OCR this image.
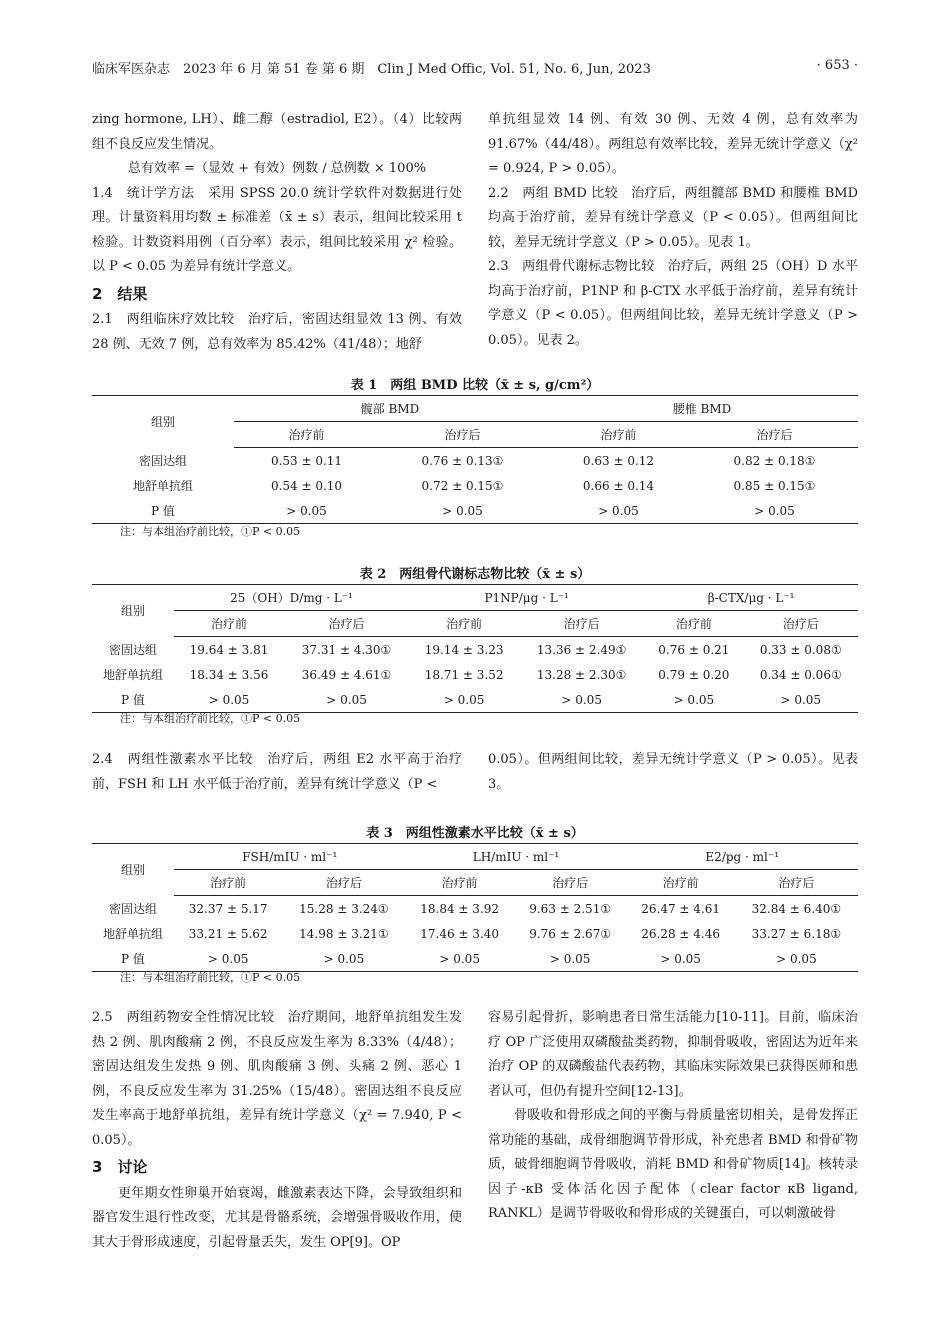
临床军医杂志　2023 年 6 月 第 51 卷 第 6 期　Clin J Med Offic, Vol. 51, No. 6, Jun, 2023	· 653 ·

zing hormone, LH）、雌二醇（estradiol, E2）。（4）比较两组不良反应发生情况。

总有效率 =（显效 + 有效）例数 / 总例数 × 100%

1.4　统计学方法　采用 SPSS 20.0 统计学软件对数据进行处理。计量资料用均数 ± 标准差（x̄ ± s）表示，组间比较采用 t 检验。计数资料用例（百分率）表示，组间比较采用 χ² 检验。以 P < 0.05 为差异有统计学意义。

2　结果

2.1　两组临床疗效比较　治疗后，密固达组显效 13 例、有效28 例、无效 7 例，总有效率为 85.42%（41/48）；地舒

单抗组显效 14 例、有效 30 例、无效 4 例，总有效率为 91.67%（44/48）。两组总有效率比较，差异无统计学意义（χ² = 0.924, P > 0.05）。

2.2　两组 BMD 比较　治疗后，两组髋部 BMD 和腰椎 BMD 均高于治疗前，差异有统计学意义（P < 0.05）。但两组间比较，差异无统计学意义（P > 0.05）。见表 1。

2.3　两组骨代谢标志物比较　治疗后，两组 25（OH）D 水平均高于治疗前，P1NP 和 β-CTX 水平低于治疗前，差异有统计学意义（P < 0.05）。但两组间比较，差异无统计学意义（P > 0.05）。见表 2。

表 1　两组 BMD 比较（x̄ ± s, g/cm²）
组别	髋部 BMD		腰椎 BMD	
	治疗前	治疗后	治疗前	治疗后
密固达组	0.53 ± 0.11	0.76 ± 0.13①	0.63 ± 0.12	0.82 ± 0.18①
地舒单抗组	0.54 ± 0.10	0.72 ± 0.15①	0.66 ± 0.14	0.85 ± 0.15①
P 值	> 0.05	> 0.05	> 0.05	> 0.05
注：与本组治疗前比较，①P < 0.05
表 2　两组骨代谢标志物比较（x̄ ± s）
组别	25（OH）D/mg · L⁻¹		P1NP/μg · L⁻¹		β-CTX/μg · L⁻¹	
	治疗前	治疗后	治疗前	治疗后	治疗前	治疗后
密固达组	19.64 ± 3.81	37.31 ± 4.30①	19.14 ± 3.23	13.36 ± 2.49①	0.76 ± 0.21	0.33 ± 0.08①
地舒单抗组	18.34 ± 3.56	36.49 ± 4.61①	18.71 ± 3.52	13.28 ± 2.30①	0.79 ± 0.20	0.34 ± 0.06①
P 值	> 0.05	> 0.05	> 0.05	> 0.05	> 0.05	> 0.05
注：与本组治疗前比较，①P < 0.05

2.4　两组性激素水平比较　治疗后，两组 E2 水平高于治疗前，FSH 和 LH 水平低于治疗前，差异有统计学意义（P <

0.05）。但两组间比较，差异无统计学意义（P > 0.05）。见表 3。

表 3　两组性激素水平比较（x̄ ± s）
组别	FSH/mIU · ml⁻¹		LH/mIU · ml⁻¹		E2/pg · ml⁻¹	
	治疗前	治疗后	治疗前	治疗后	治疗前	治疗后
密固达组	32.37 ± 5.17	15.28 ± 3.24①	18.84 ± 3.92	9.63 ± 2.51①	26.47 ± 4.61	32.84 ± 6.40①
地舒单抗组	33.21 ± 5.62	14.98 ± 3.21①	17.46 ± 3.40	9.76 ± 2.67①	26.28 ± 4.46	33.27 ± 6.18①
P 值	> 0.05	> 0.05	> 0.05	> 0.05	> 0.05	> 0.05
注：与本组治疗前比较，①P < 0.05

2.5　两组药物安全性情况比较　治疗期间，地舒单抗组发生发热 2 例、肌肉酸痛 2 例，不良反应发生率为 8.33%（4/48）；密固达组发生发热 9 例、肌肉酸痛 3 例、头痛 2 例、恶心 1 例，不良反应发生率为 31.25%（15/48）。密固达组不良反应发生率高于地舒单抗组，差异有统计学意义（χ² = 7.940, P < 0.05）。

3　讨论

更年期女性卵巢开始衰竭，雌激素表达下降，会导致组织和器官发生退行性改变，尤其是骨骼系统，会增强骨吸收作用，使其大于骨形成速度，引起骨量丢失，发生 OP[9]。OP

容易引起骨折，影响患者日常生活能力[10-11]。目前，临床治疗 OP 广泛使用双磷酸盐类药物，抑制骨吸收，密固达为近年来治疗 OP 的双磷酸盐代表药物，其临床实际效果已获得医师和患者认可，但仍有提升空间[12-13]。

骨吸收和骨形成之间的平衡与骨质量密切相关，是骨发挥正常功能的基础，成骨细胞调节骨形成，补充患者 BMD 和骨矿物质，破骨细胞调节骨吸收，消耗 BMD 和骨矿物质[14]。核转录因子-κB 受体活化因子配体（clear factor κB ligand, RANKL）是调节骨吸收和骨形成的关键蛋白，可以刺激破骨
